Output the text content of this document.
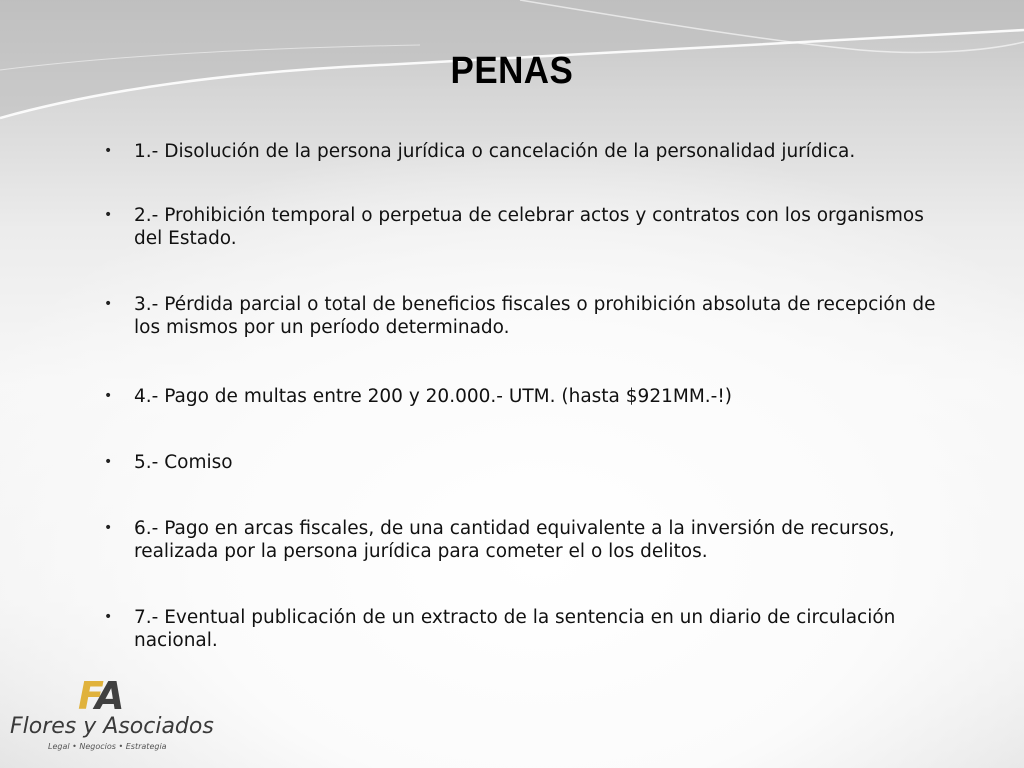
PENAS
•	1.- Disolución de la persona jurídica o cancelación de la personalidad jurídica.
•	2.- Prohibición temporal o perpetua de celebrar actos y contratos con los organismos del Estado.
•	3.- Pérdida parcial o total de beneficios fiscales o prohibición absoluta de recepción de los mismos por un período determinado.
•	4.- Pago de multas entre 200 y 20.000.- UTM. (hasta $921MM.-!)
•	5.- Comiso
•	6.- Pago en arcas fiscales, de una cantidad equivalente a la inversión de recursos, realizada por la persona jurídica para cometer el o los delitos.
•	7.- Eventual publicación de un extracto de la sentencia en un diario de circulación nacional.
FA
Flores y Asociados
Legal • Negocios • Estrategia
